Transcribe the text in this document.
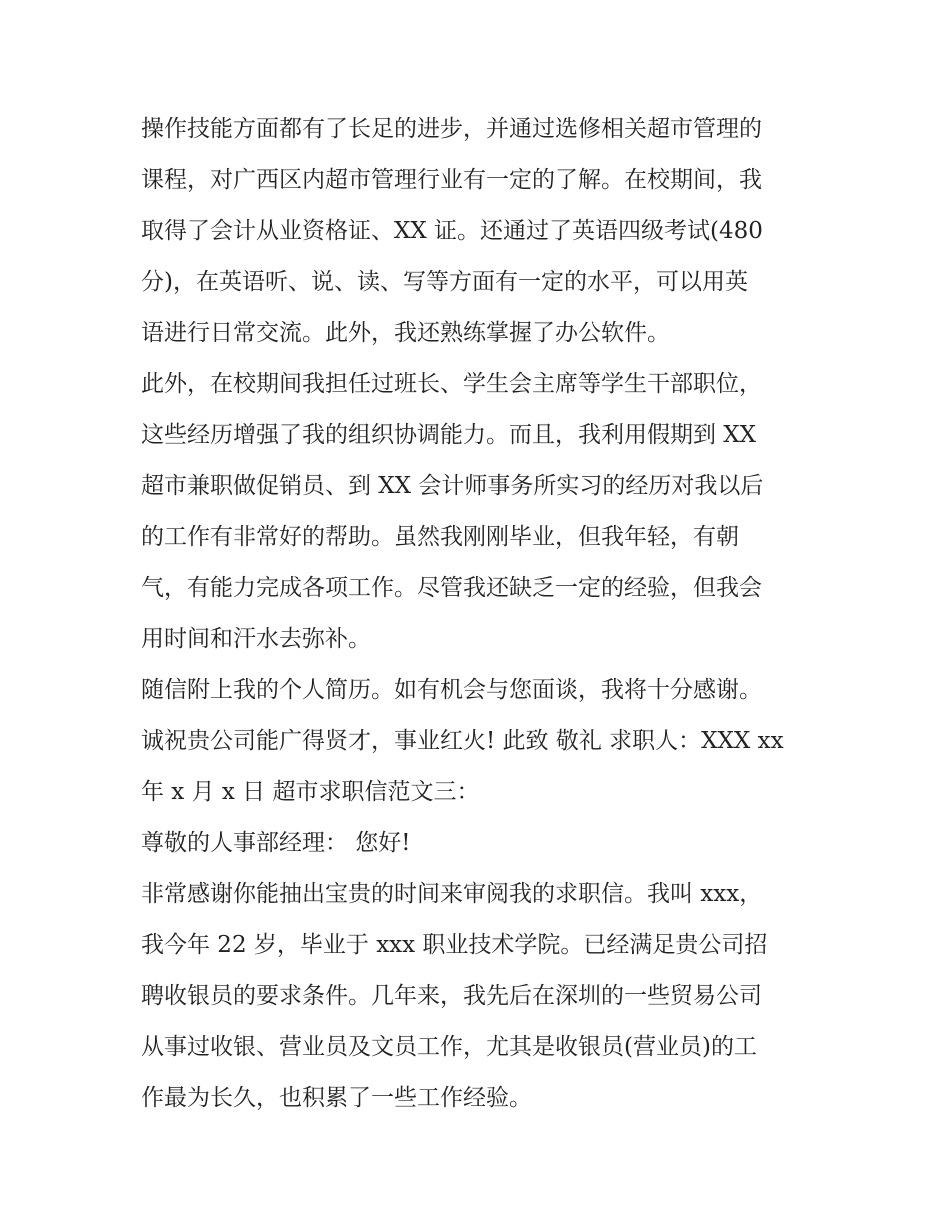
操作技能方面都有了长足的进步，并通过选修相关超市管理的
课程，对广西区内超市管理行业有一定的了解。在校期间，我
取得了会计从业资格证、XX 证。还通过了英语四级考试(480
分)，在英语听、说、读、写等方面有一定的水平，可以用英
语进行日常交流。此外，我还熟练掌握了办公软件。
此外，在校期间我担任过班长、学生会主席等学生干部职位，
这些经历增强了我的组织协调能力。而且，我利用假期到 XX
超市兼职做促销员、到 XX 会计师事务所实习的经历对我以后
的工作有非常好的帮助。虽然我刚刚毕业，但我年轻，有朝
气，有能力完成各项工作。尽管我还缺乏一定的经验，但我会
用时间和汗水去弥补。
随信附上我的个人简历。如有机会与您面谈，我将十分感谢。
诚祝贵公司能广得贤才，事业红火! 此致 敬礼 求职人：XXX xx
年 x 月 x 日 超市求职信范文三：
尊敬的人事部经理： 您好!
非常感谢你能抽出宝贵的时间来审阅我的求职信。我叫 xxx，
我今年 22 岁，毕业于 xxx 职业技术学院。已经满足贵公司招
聘收银员的要求条件。几年来，我先后在深圳的一些贸易公司
从事过收银、营业员及文员工作，尤其是收银员(营业员)的工
作最为长久，也积累了一些工作经验。
